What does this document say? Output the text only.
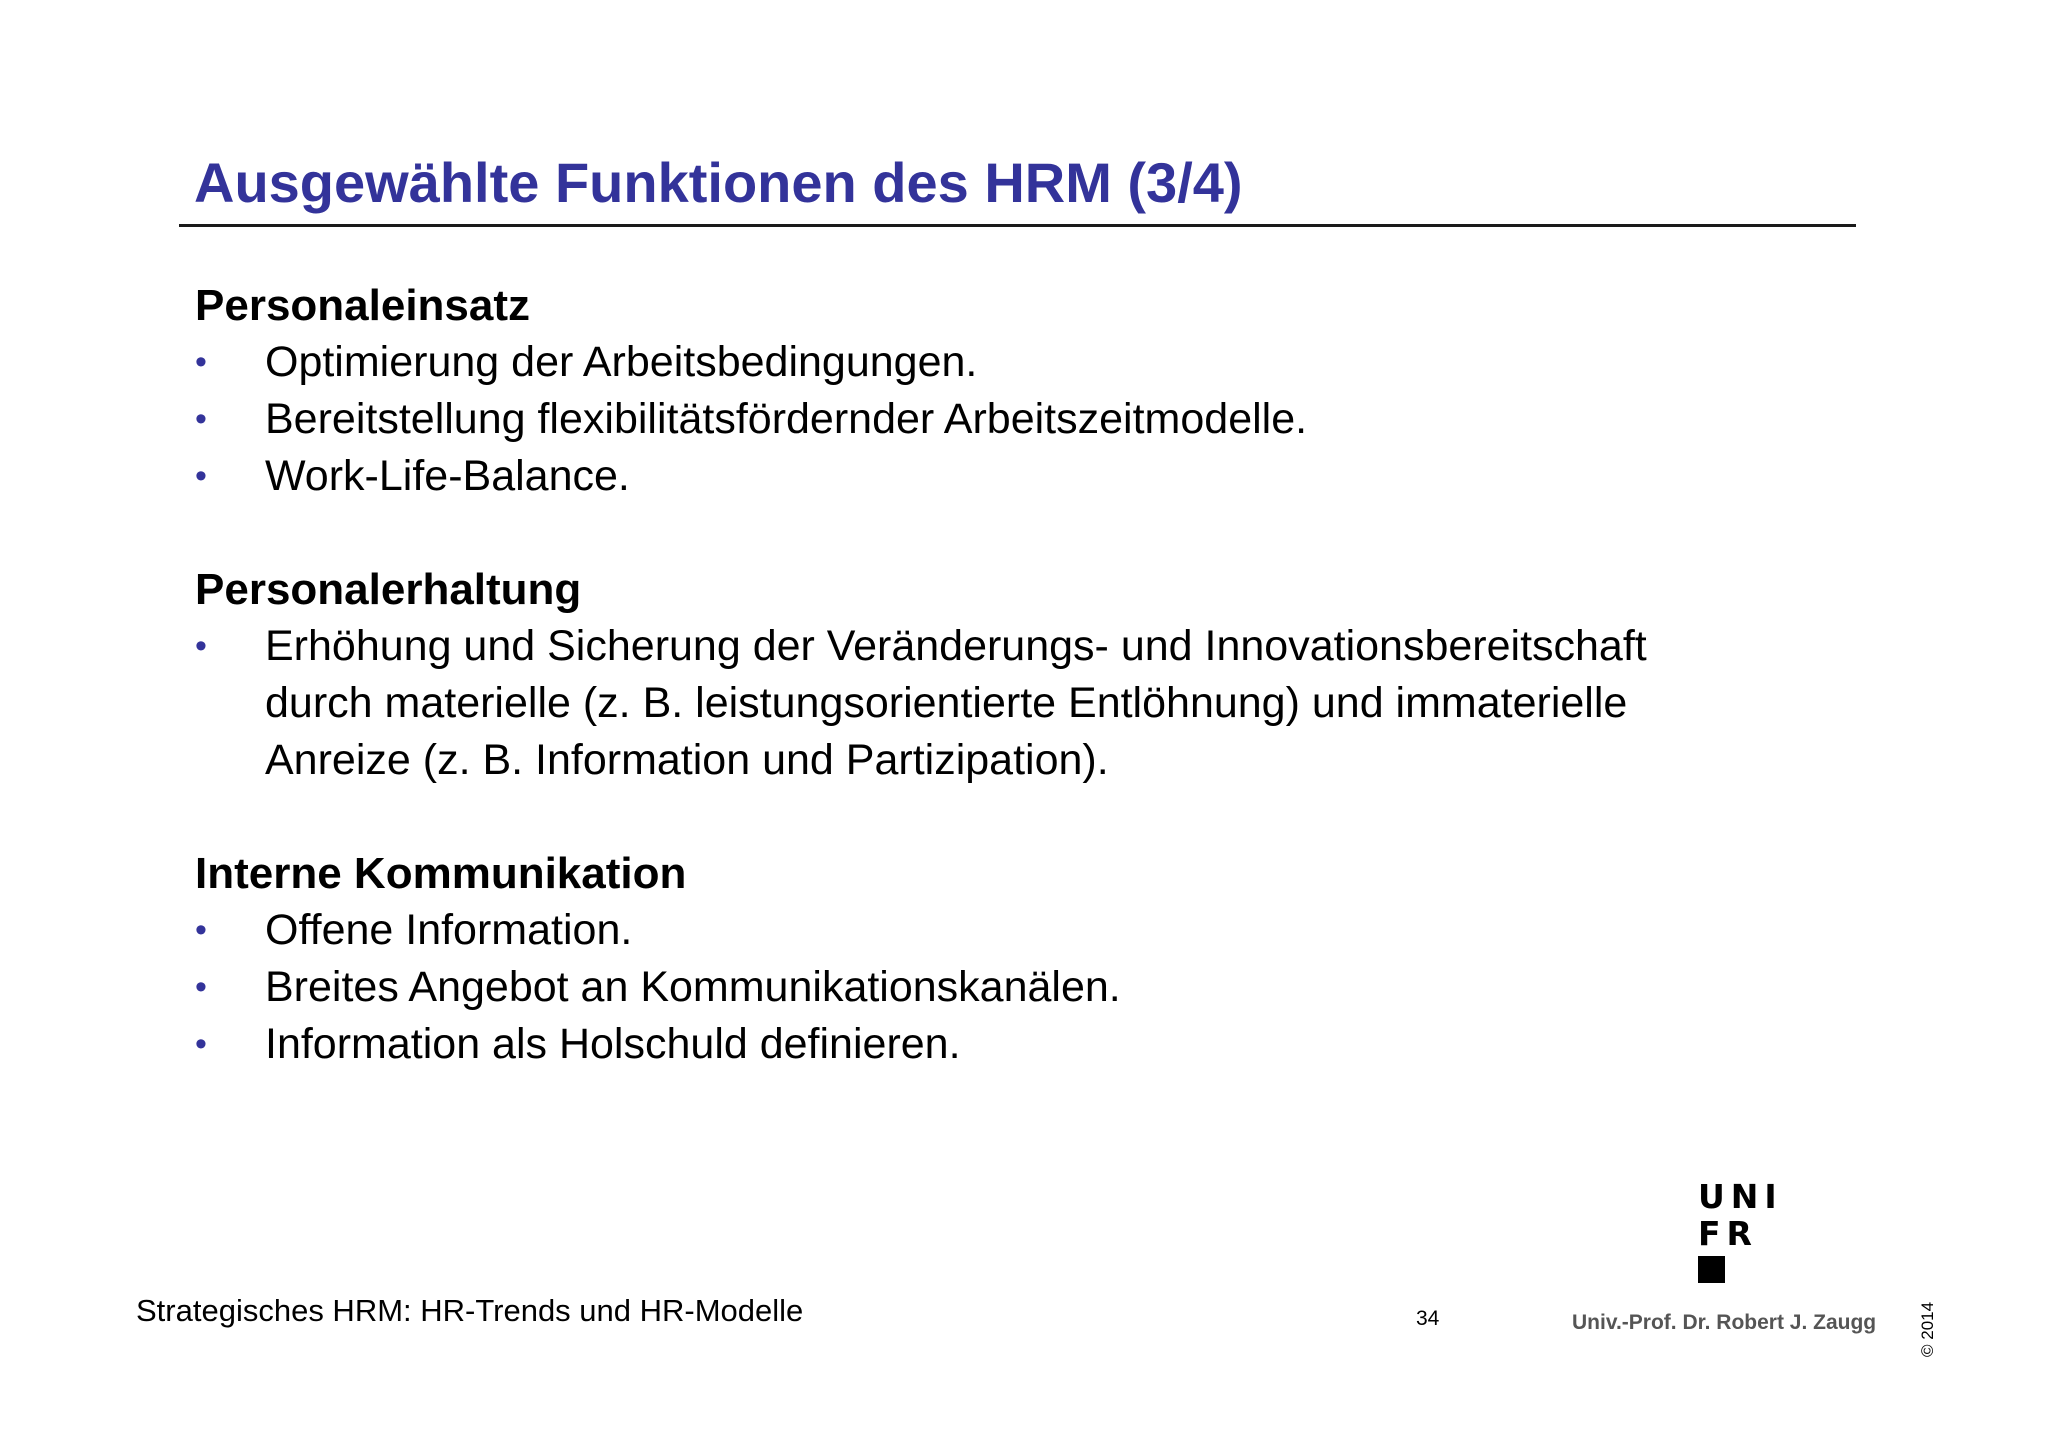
Ausgewählte Funktionen des HRM (3/4)

Personaleinsatz

• Optimierung der Arbeitsbedingungen.
• Bereitstellung flexibilitätsfördernder Arbeitszeitmodelle.
• Work-Life-Balance.

Personalerhaltung

• Erhöhung und Sicherung der Veränderungs- und Innovationsbereitschaft durch materielle (z. B. leistungsorientierte Entlöhnung) und immaterielle Anreize (z. B. Information und Partizipation).

Interne Kommunikation

• Offene Information.
• Breites Angebot an Kommunikationskanälen.
• Information als Holschuld definieren.

UNI

FR

Strategisches HRM: HR-Trends und HR-Modelle	34	Univ.-Prof. Dr. Robert J. Zaugg © 2014
